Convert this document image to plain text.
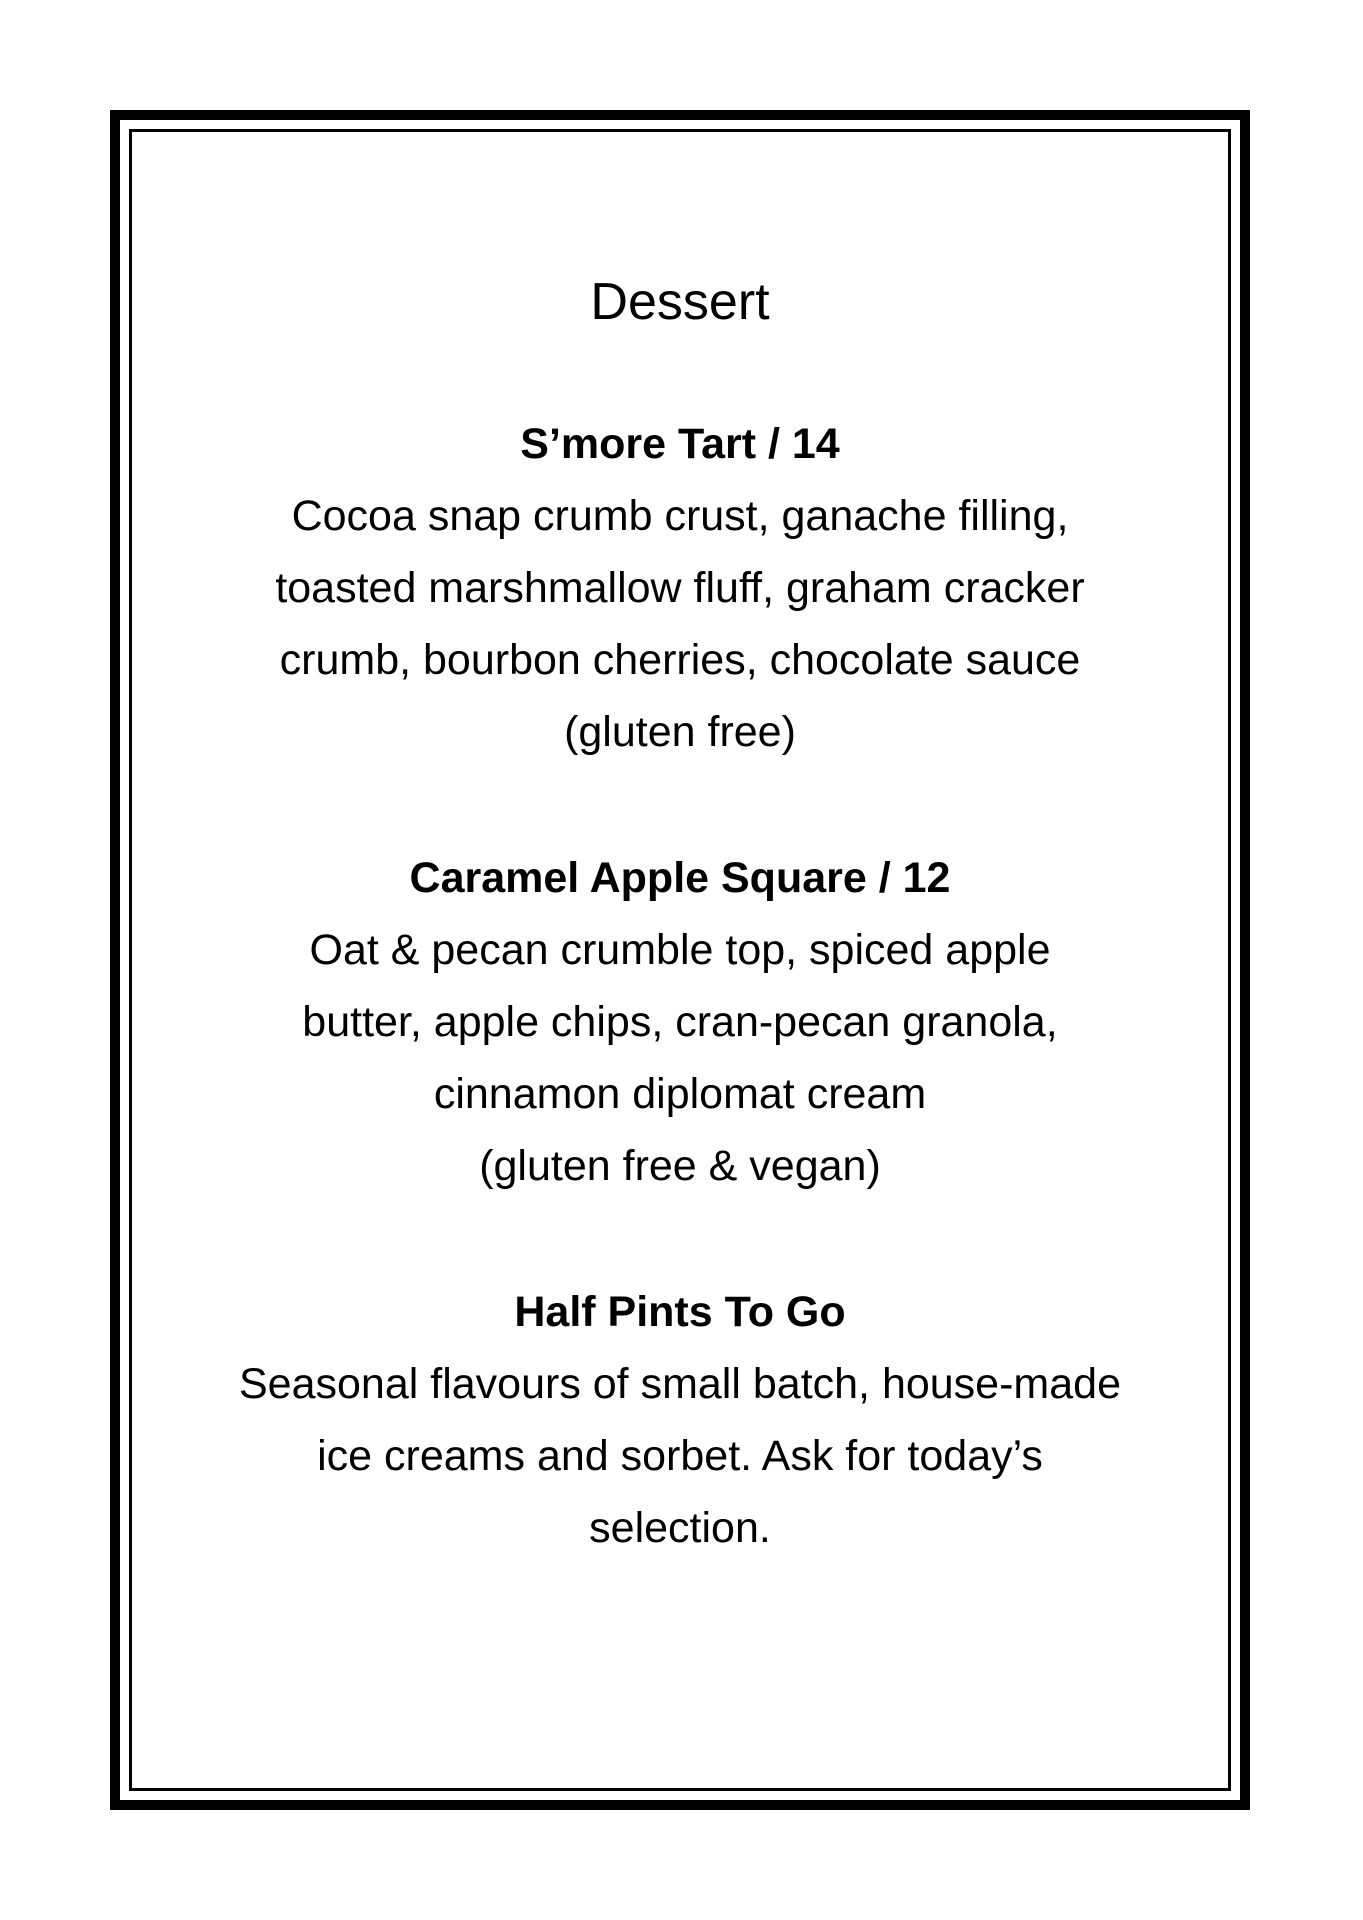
Dessert

S’more Tart / 14

Cocoa snap crumb crust, ganache filling,
toasted marshmallow fluff, graham cracker
crumb, bourbon cherries, chocolate sauce
(gluten free)

Caramel Apple Square / 12

Oat & pecan crumble top, spiced apple
butter, apple chips, cran-pecan granola,
cinnamon diplomat cream
(gluten free & vegan)

Half Pints To Go

Seasonal flavours of small batch, house-made
ice creams and sorbet. Ask for today’s
selection.
